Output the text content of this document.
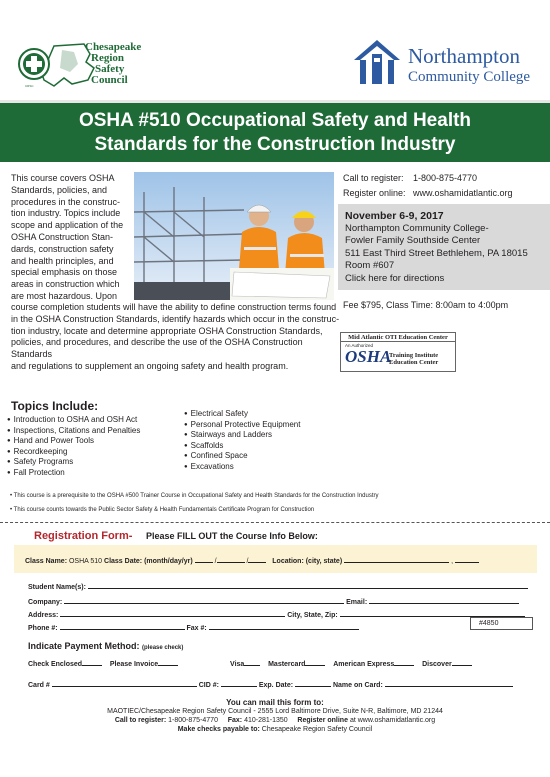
CRSC
Chesapeake
Region
Safety
Council
Northampton
Community College
OSHA #510 Occupational Safety and Health
Standards for the Construction Industry
This course covers OSHA
Standards, policies, and
procedures in the construc-
tion industry. Topics include
scope and application of the
OSHA Construction Stan-
dards, construction safety
and health principles, and
special emphasis on those
areas in construction which
are most hazardous. Upon
Call to register: 1-800-875-4770
Register online: www.oshamidatlantic.org
November 6-9, 2017
Northampton Community College-
Fowler Family Southside Center
511 East Third Street Bethlehem, PA 18015
Room #607
Click here for directions
Fee $795, Class Time: 8:00am to 4:00pm
Mid Atlantic OTI Education Center
An Authorized
OSHA
Training Institute
Education Center
course completion students will have the ability to define construction terms found
in the OSHA Construction Standards, identify hazards which occur in the construc-
tion industry, locate and determine appropriate OSHA Construction Standards,
policies, and procedures, and describe the use of the OSHA Construction Standards
and regulations to supplement an ongoing safety and health program.
Topics Include:
● Introduction to OSHA and OSH Act
● Inspections, Citations and Penalties
● Hand and Power Tools
● Recordkeeping
● Safety Programs
● Fall Protection
● Electrical Safety
● Personal Protective Equipment
● Stairways and Ladders
● Scaffolds
● Confined Space
● Excavations
• This course is a prerequisite to the OSHA #500 Trainer Course in Occupational Safety and Health Standards for the Construction Industry
• This course counts towards the Public Sector Safety & Health Fundamentals Certificate Program for Construction
Registration Form- Please FILL OUT the Course Info Below:
Class Name: OSHA 510 Class Date: (month/day/yr)	/	/	Location: (city, state)	,
Student Name(s):
Company:	Email:
Address:	City, State, Zip:
Phone #:	Fax #:
#4850
Indicate Payment Method: (please check)
Check Enclosed	Please Invoice	Visa	Mastercard	American Express	Discover
Card #	CID #:	Exp. Date:	Name on Card:
You can mail this form to:
MAOTIEC/Chesapeake Region Safety Council - 2555 Lord Baltimore Drive, Suite N-R, Baltimore, MD 21244
Call to register: 1-800-875-4770 Fax: 410-281-1350 Register online at www.oshamidatlantic.org
Make checks payable to: Chesapeake Region Safety Council
